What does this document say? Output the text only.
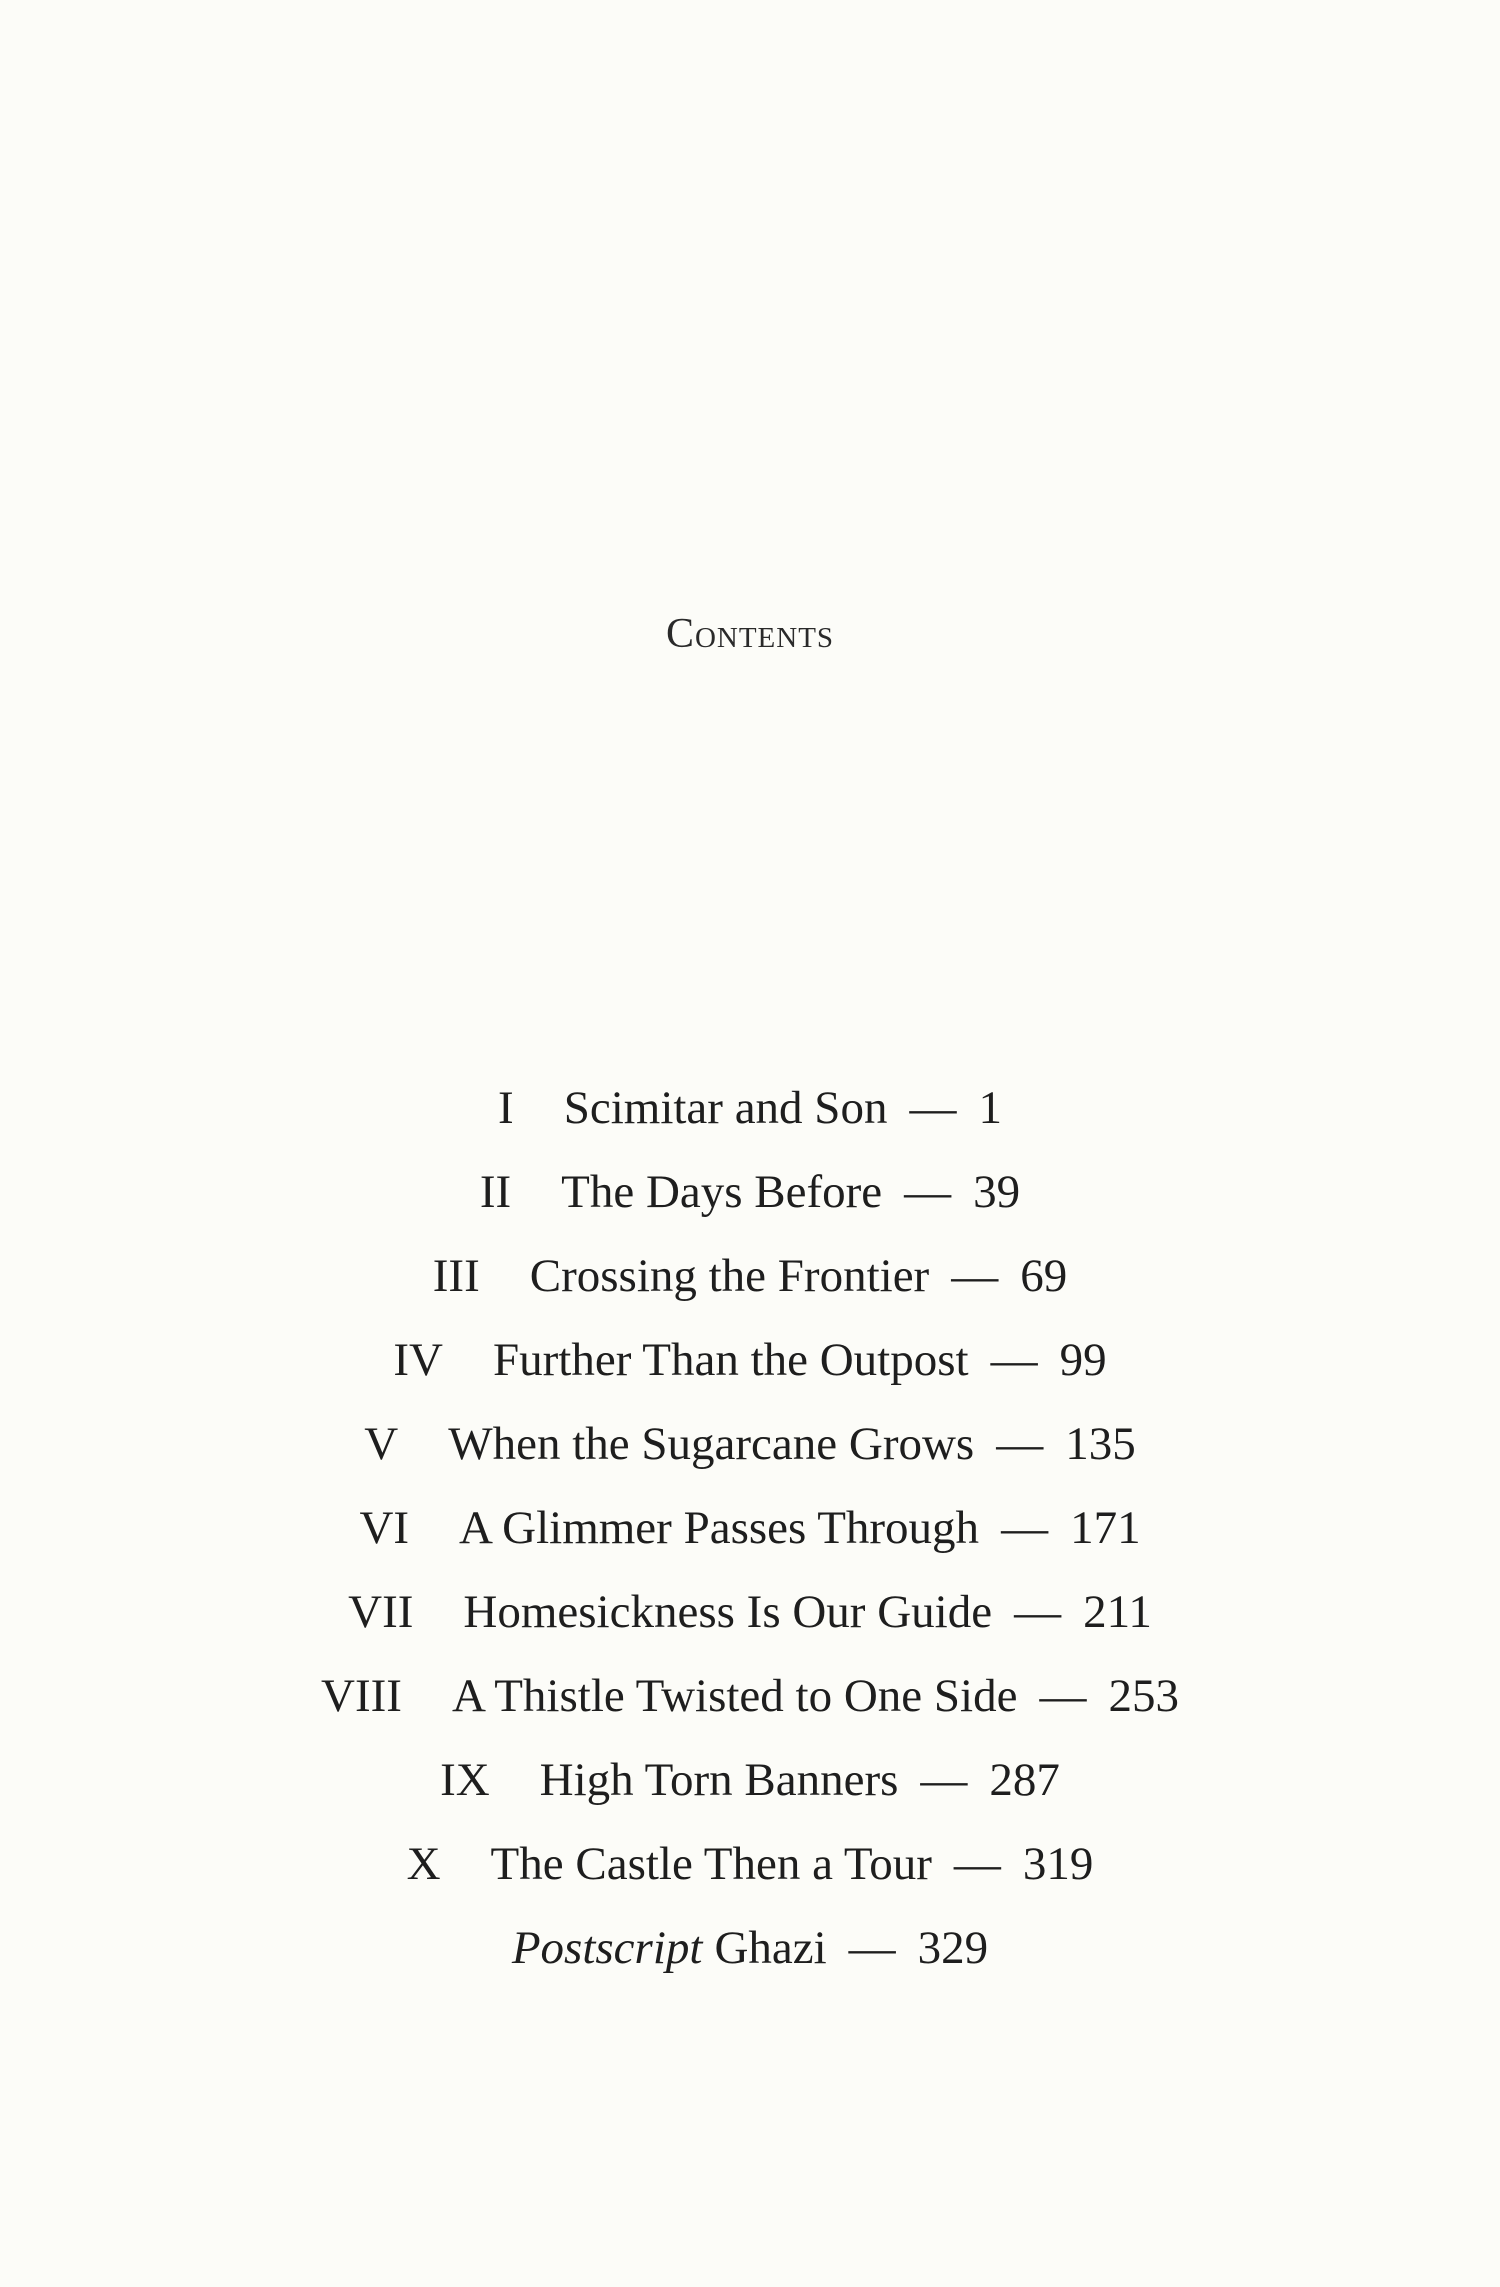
Contents
I Scimitar and Son — 1
II The Days Before — 39
III Crossing the Frontier — 69
IV Further Than the Outpost — 99
V When the Sugarcane Grows — 135
VI A Glimmer Passes Through — 171
VII Homesickness Is Our Guide — 211
VIII A Thistle Twisted to One Side — 253
IX High Torn Banners — 287
X The Castle Then a Tour — 319
Postscript Ghazi — 329
